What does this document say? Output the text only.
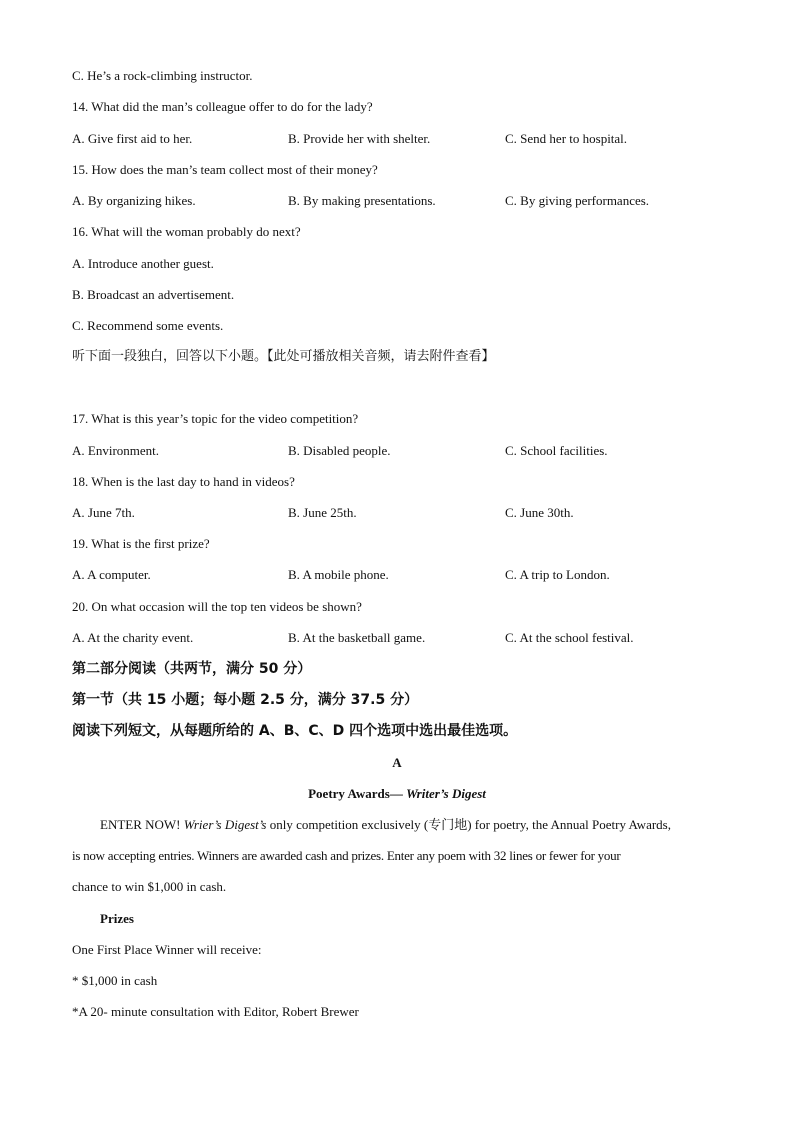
C. He’s a rock-climbing instructor.
14. What did the man’s colleague offer to do for the lady?
A. Give first aid to her.	B. Provide her with shelter.	C. Send her to hospital.
15. How does the man’s team collect most of their money?
A. By organizing hikes.	B. By making presentations.	C. By giving performances.
16. What will the woman probably do next?
A. Introduce another guest.
B. Broadcast an advertisement.
C. Recommend some events.
听下面一段独白，回答以下小题。【此处可播放相关音频，请去附件查看】
17. What is this year’s topic for the video competition?
A. Environment.	B. Disabled people.	C. School facilities.
18. When is the last day to hand in videos?
A. June 7th.	B. June 25th.	C. June 30th.
19. What is the first prize?
A. A computer.	B. A mobile phone.	C. A trip to London.
20. On what occasion will the top ten videos be shown?
A. At the charity event.	B. At the basketball game.	C. At the school festival.
第二部分阅读（共两节，满分 50 分）
第一节（共 15 小题；每小题 2.5 分，满分 37.5 分）
阅读下列短文，从每题所给的 A、B、C、D 四个选项中选出最佳选项。
A
Poetry Awards— Writer’s Digest
ENTER NOW! Wrier’s Digest’s only competition exclusively (专门地) for poetry, the Annual Poetry Awards,
is now accepting entries. Winners are awarded cash and prizes. Enter any poem with 32 lines or fewer for your
chance to win $1,000 in cash.
Prizes
One First Place Winner will receive:
* $1,000 in cash
*A 20- minute consultation with Editor, Robert Brewer
